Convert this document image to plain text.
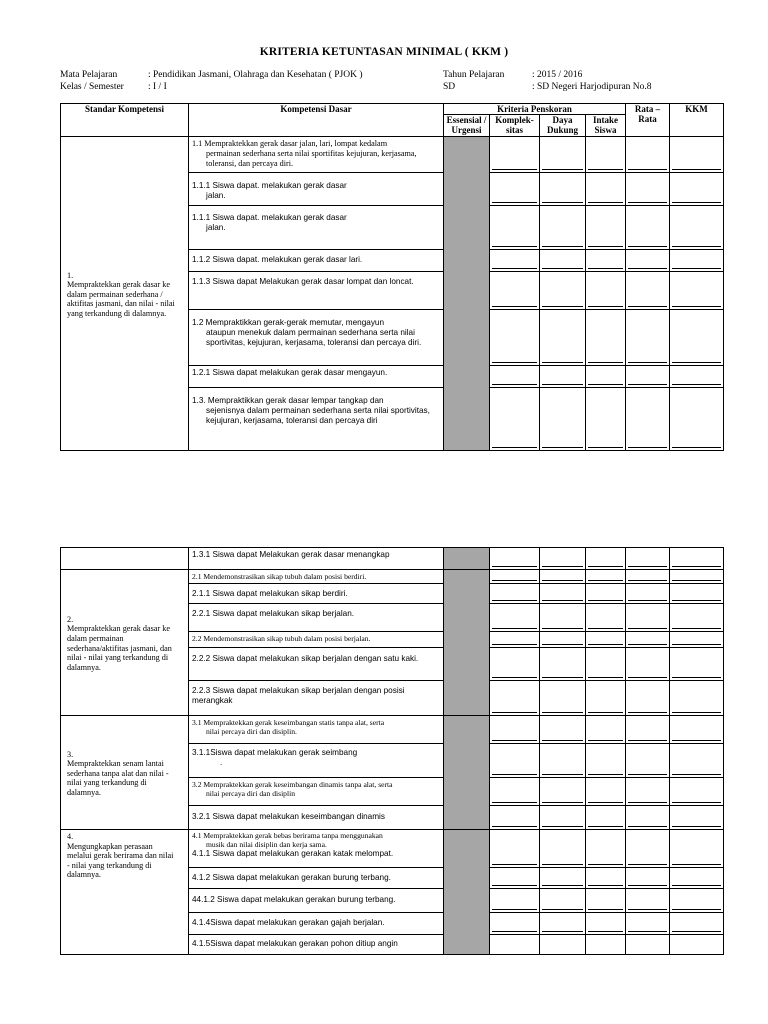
KRITERIA KETUNTASAN MINIMAL ( KKM )
Mata Pelajaran	: Pendidikan Jasmani, Olahraga dan Kesehatan ( PJOK )
Kelas / Semester	: I / I
Tahun Pelajaran	: 2015 / 2016
SD	: SD Negeri Harjodipuran No.8
Standar Kompetensi	Kompetensi Dasar	Kriteria Penskoran				Rata – Rata	KKM
		Essensial / Urgensi	Komplek- sitas	Daya Dukung	Intake Siswa		
1.Mempraktekkan gerak dasar ke dalam permainan sederhana / aktifitas jasmani, dan nilai - nilai yang terkandung di dalamnya.	1.1 Mempraktekkan gerak dasar jalan, lari, lompat kedalam
permainan sederhana serta nilai sportifitas kejujuran, kerjasama, toleransi, dan percaya diri.						

	1.1.1 Siswa dapat. melakukan gerak dasar
jalan.						

	1.1.1 Siswa dapat. melakukan gerak dasar
jalan.						

	1.1.2 Siswa dapat. melakukan gerak dasar lari.						
	1.1.3 Siswa dapat Melakukan gerak dasar lompat dan loncat.						
	1.2 Mempraktikkan gerak-gerak memutar, mengayun
ataupun menekuk dalam permainan sederhana serta nilai sportivitas, kejujuran, kerjasama, toleransi dan percaya diri.						

	1.2.1 Siswa dapat melakukan gerak dasar mengayun.						
	1.3. Mempraktikkan gerak dasar lempar tangkap dan
sejenisnya dalam permainan sederhana serta nilai sportivitas, kejujuran, kerjasama, toleransi dan percaya diri						

	1.3.1 Siswa dapat Melakukan gerak dasar menangkap						
2.Mempraktekkan gerak dasar ke dalam permainan sederhana/aktifitas jasmani, dan nilai - nilai yang terkandung di dalamnya.	2.1 Mendemonstrasikan sikap tubuh dalam posisi berdiri.						
	2.1.1 Siswa dapat melakukan sikap berdiri.						
	2.2.1 Siswa dapat melakukan sikap berjalan.						
	2.2 Mendemonstrasikan sikap tubuh dalam posisi berjalan.						
	2.2.2 Siswa dapat melakukan sikap berjalan dengan satu kaki.						
	2.2.3 Siswa dapat melakukan sikap berjalan dengan posisi merangkak						
3.Mempraktekkan senam lantai sederhana tanpa alat dan nilai - nilai yang terkandung di dalamnya.	3.1 Mempraktekkan gerak keseimbangan statis tanpa alat, serta
nilai percaya diri dan disiplin.						

	3.1.1Siswa dapat melakukan gerak seimbang
.						

	3.2 Mempraktekkan gerak keseimbangan dinamis tanpa alat, serta
nilai percaya diri dan disiplin						

	3.2.1 Siswa dapat melakukan keseimbangan dinamis						
4.Mengungkapkan perasaan melalui gerak berirama dan nilai - nilai yang terkandung di dalamnya.	4.1 Mempraktekkan gerak bebas berirama tanpa menggunakan
musik dan nilai disiplin dan kerja sama.
4.1.1 Siswa dapat melakukan gerakan katak melompat.						

	4.1.2 Siswa dapat melakukan gerakan burung terbang.						
	44.1.2 Siswa dapat melakukan gerakan burung terbang.						
	4.1.4Siswa dapat melakukan gerakan gajah berjalan.						
	4.1.5Siswa dapat melakukan gerakan pohon ditiup angin						
